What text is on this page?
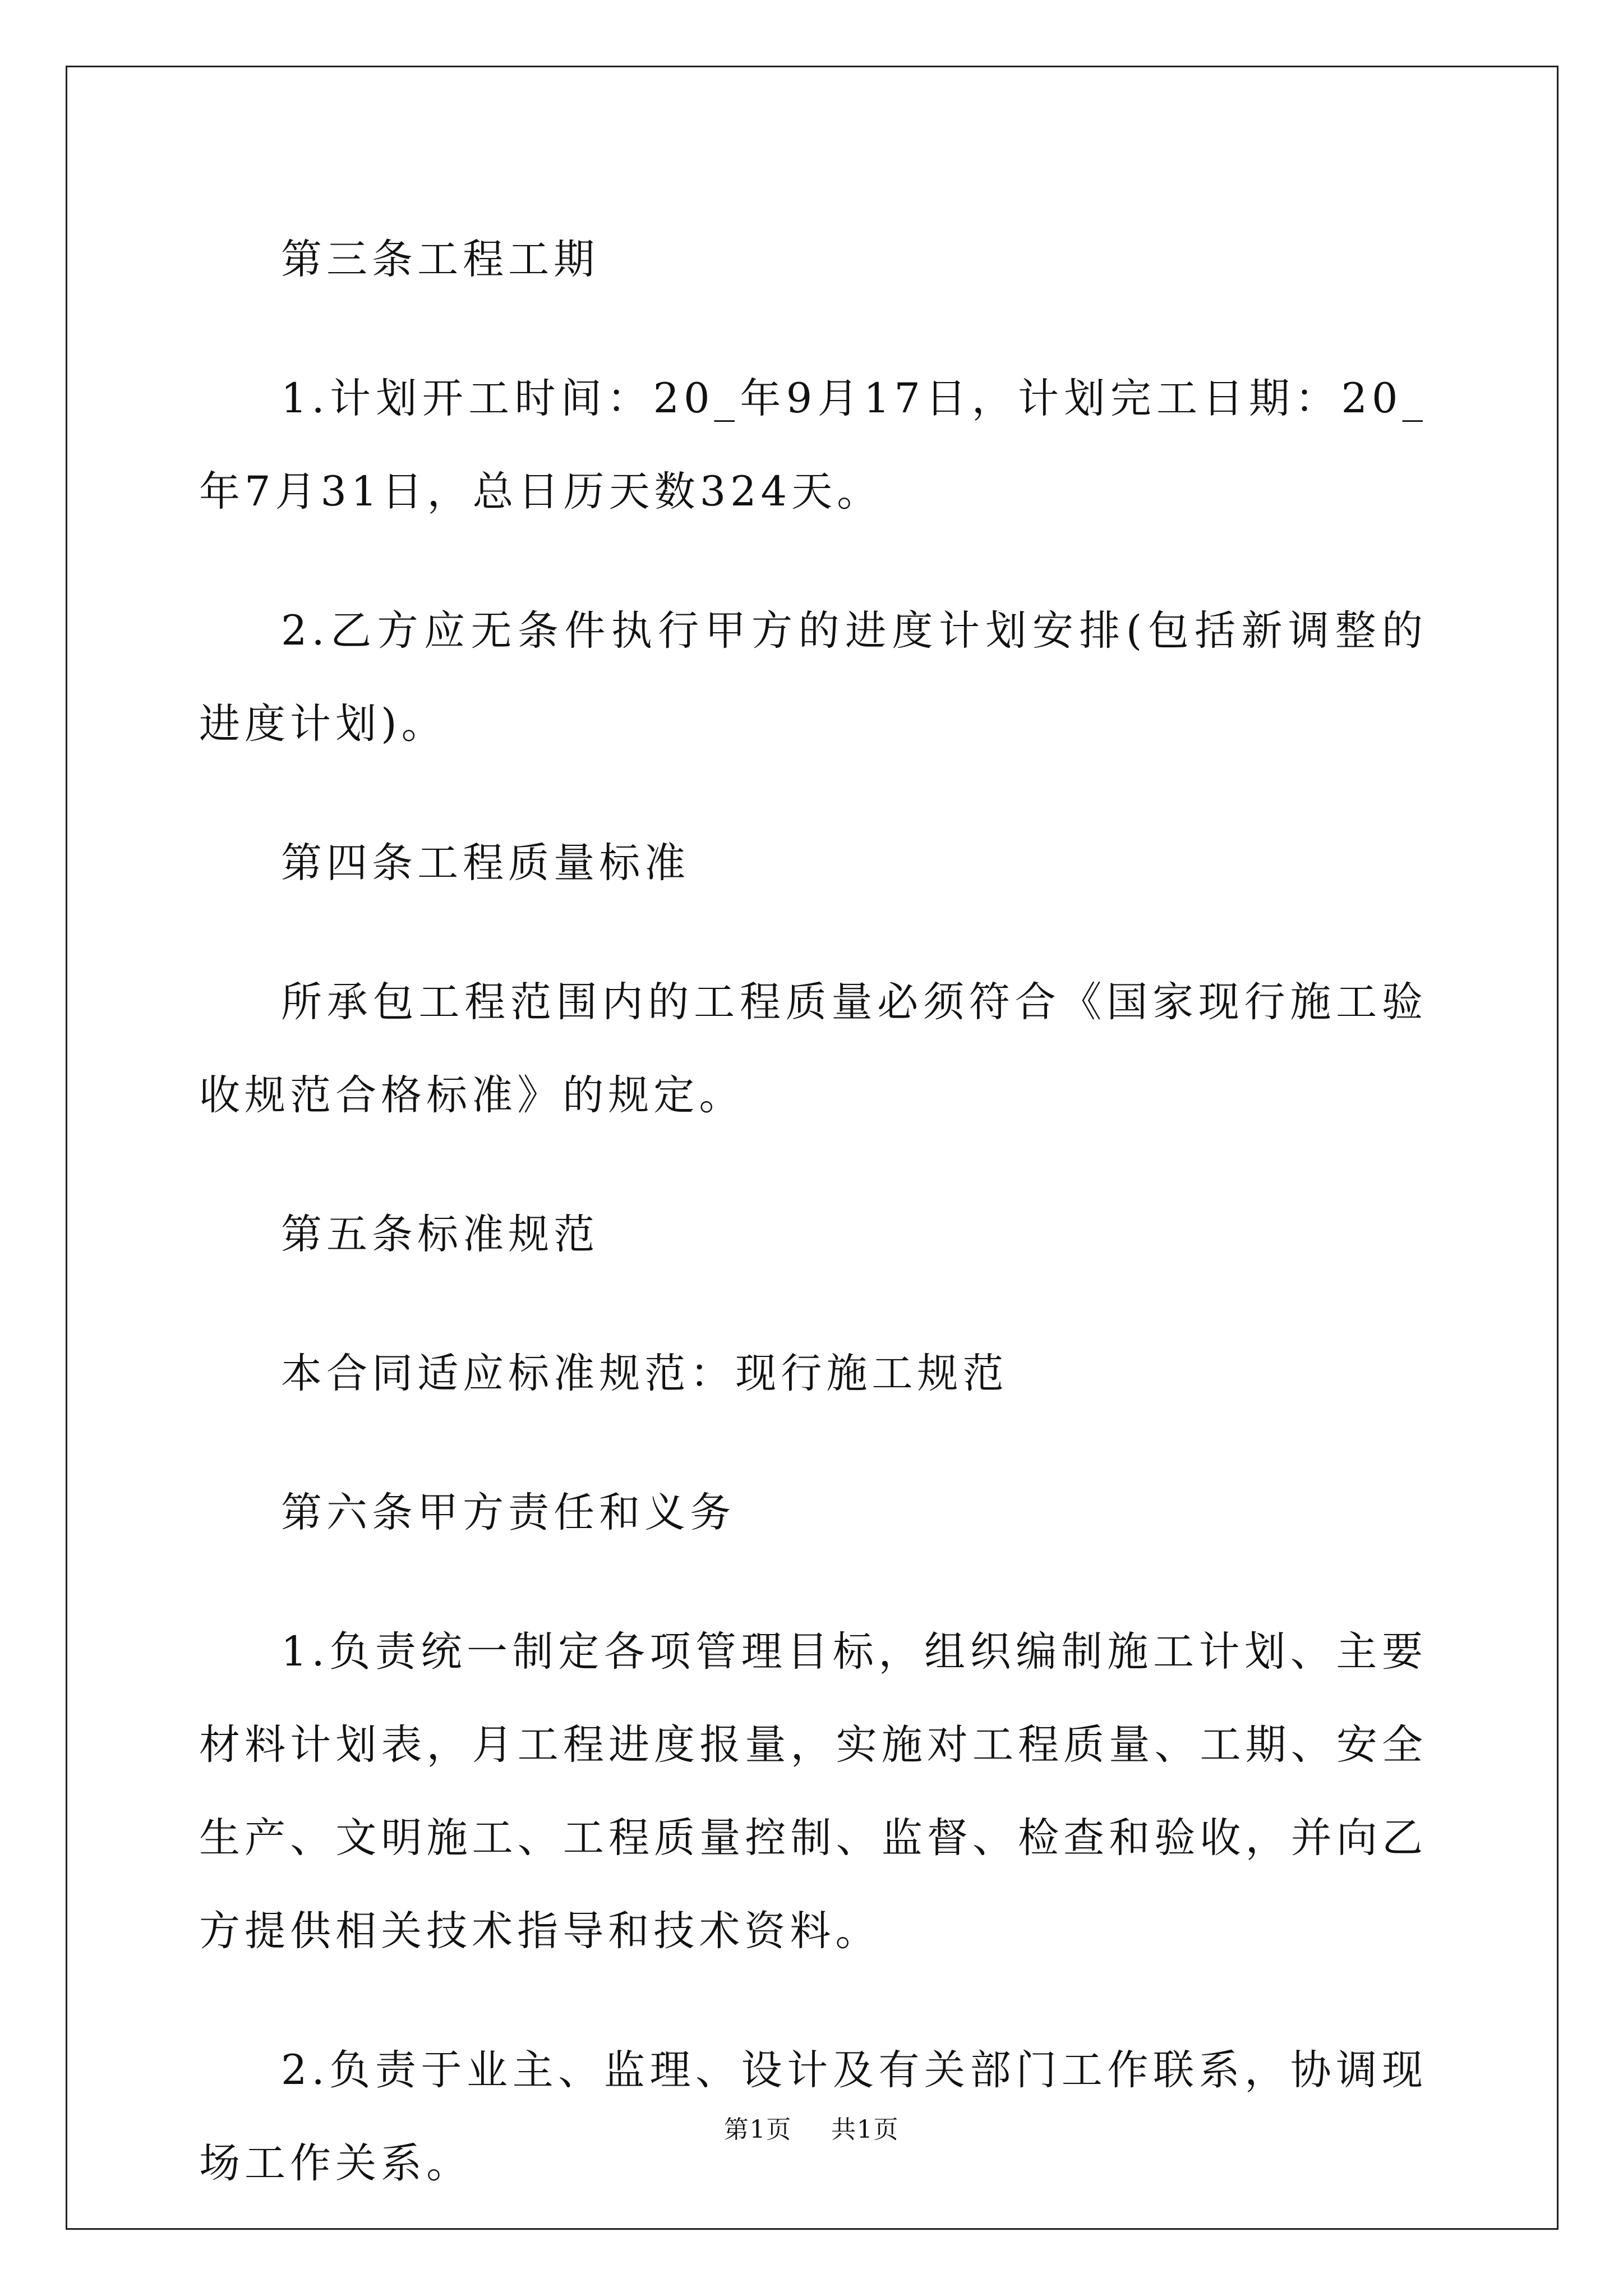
第三条工程工期

1.计划开工时间：20_年9月17日，计划完工日期：20_年7月31日，总日历天数324天。

2.乙方应无条件执行甲方的进度计划安排(包括新调整的进度计划)。

第四条工程质量标准

所承包工程范围内的工程质量必须符合《国家现行施工验收规范合格标准》的规定。

第五条标准规范

本合同适应标准规范：现行施工规范

第六条甲方责任和义务

1.负责统一制定各项管理目标，组织编制施工计划、主要材料计划表，月工程进度报量，实施对工程质量、工期、安全生产、文明施工、工程质量控制、监督、检查和验收，并向乙方提供相关技术指导和技术资料。

2.负责于业主、监理、设计及有关部门工作联系，协调现场工作关系。

第1页 共1页
